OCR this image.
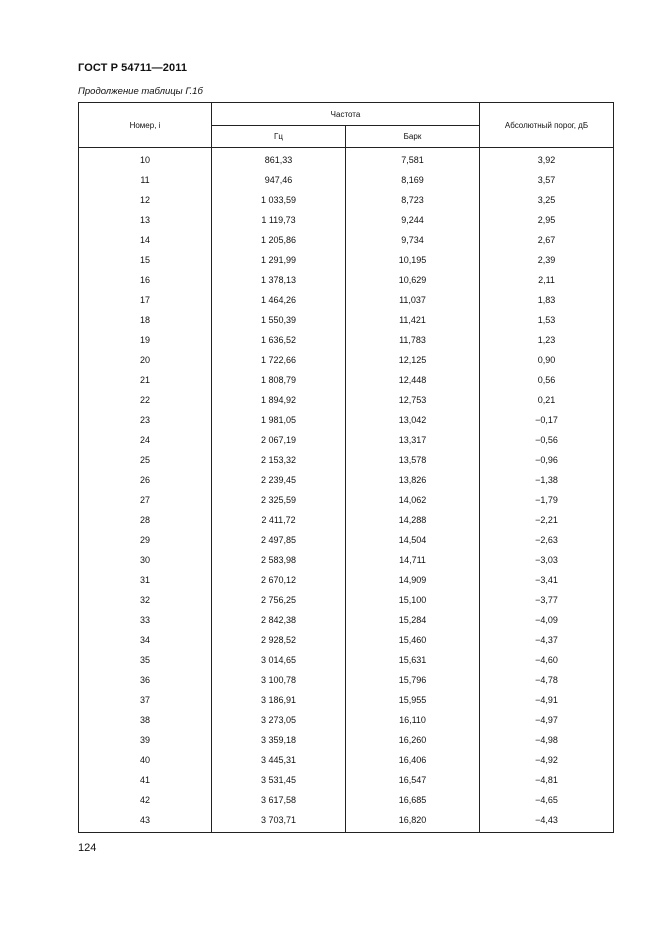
ГОСТ Р 54711—2011
Продолжение таблицы Г.1б
Номер, i	Частота		Абсолютный порог, дБ
	Гц	Барк	
10	861,33	7,581	3,92
11	947,46	8,169	3,57
12	1 033,59	8,723	3,25
13	1 119,73	9,244	2,95
14	1 205,86	9,734	2,67
15	1 291,99	10,195	2,39
16	1 378,13	10,629	2,11
17	1 464,26	11,037	1,83
18	1 550,39	11,421	1,53
19	1 636,52	11,783	1,23
20	1 722,66	12,125	0,90
21	1 808,79	12,448	0,56
22	1 894,92	12,753	0,21
23	1 981,05	13,042	−0,17
24	2 067,19	13,317	−0,56
25	2 153,32	13,578	−0,96
26	2 239,45	13,826	−1,38
27	2 325,59	14,062	−1,79
28	2 411,72	14,288	−2,21
29	2 497,85	14,504	−2,63
30	2 583,98	14,711	−3,03
31	2 670,12	14,909	−3,41
32	2 756,25	15,100	−3,77
33	2 842,38	15,284	−4,09
34	2 928,52	15,460	−4,37
35	3 014,65	15,631	−4,60
36	3 100,78	15,796	−4,78
37	3 186,91	15,955	−4,91
38	3 273,05	16,110	−4,97
39	3 359,18	16,260	−4,98
40	3 445,31	16,406	−4,92
41	3 531,45	16,547	−4,81
42	3 617,58	16,685	−4,65
43	3 703,71	16,820	−4,43
124
